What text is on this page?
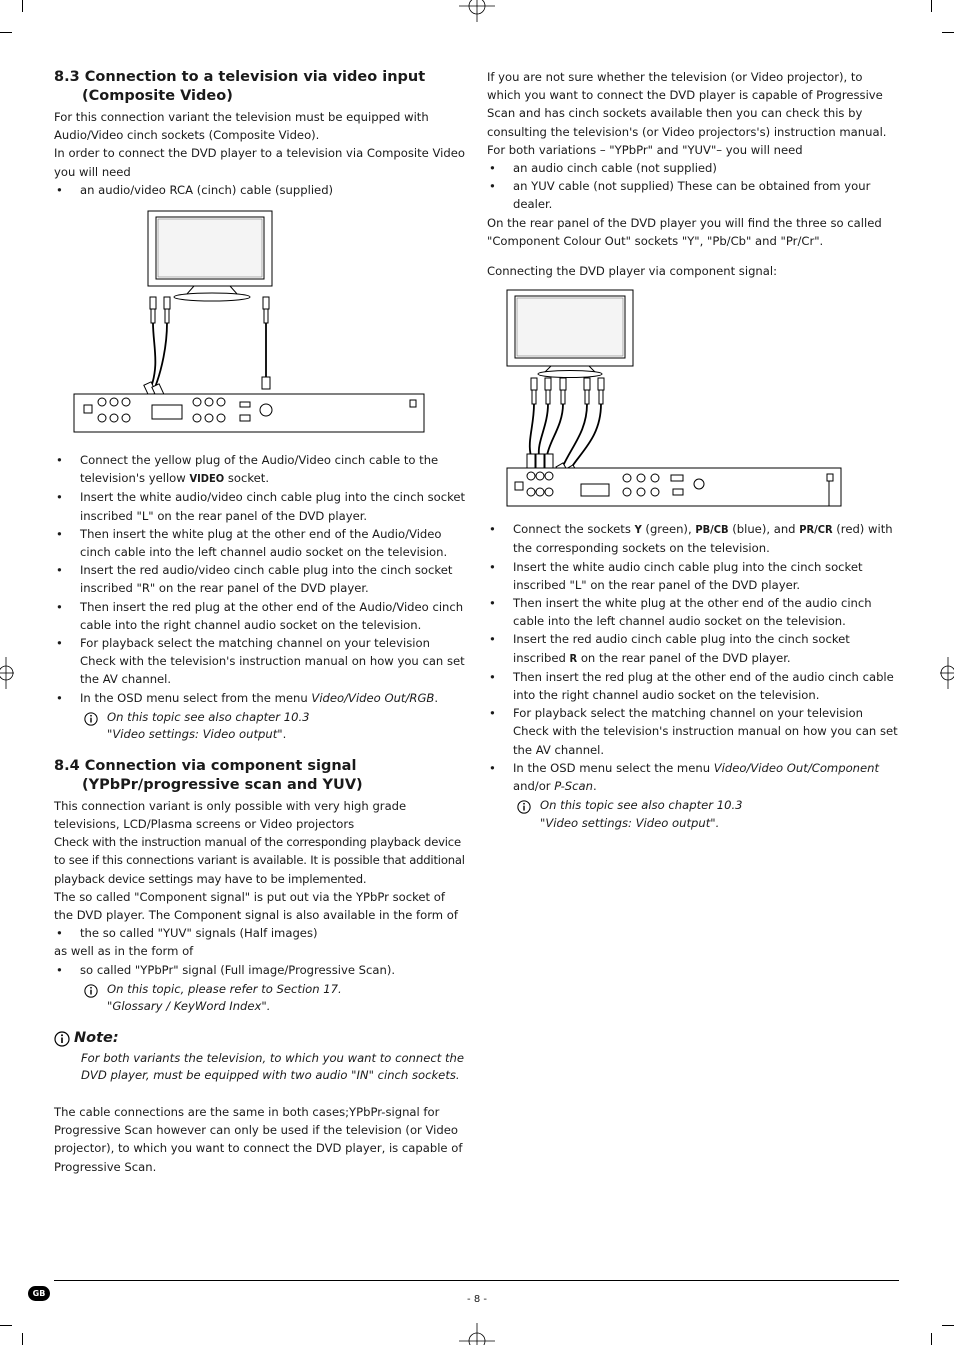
8.3 Connection to a television via video input
(Composite Video)

For this connection variant the television must be equipped with Audio/Video cinch sockets (Composite Video).

In order to connect the DVD player to a television via Composite Video you will need

• an audio/video RCA (cinch) cable (supplied)
• Connect the yellow plug of the Audio/Video cinch cable to the television's yellow VIDEO socket.
• Insert the white audio/video cinch cable plug into the cinch socket inscribed "L" on the rear panel of the DVD player.
• Then insert the white plug at the other end of the Audio/Video cinch cable into the left channel audio socket on the television.
• Insert the red audio/video cinch cable plug into the cinch socket inscribed "R" on the rear panel of the DVD player.
• Then insert the red plug at the other end of the Audio/Video cinch cable into the right channel audio socket on the television.
• For playback select the matching channel on your television Check with the television's instruction manual on how you can set the AV channel.
• In the OSD menu select from the menu Video/Video Out/RGB.
On this topic see also chapter 10.3
"Video settings: Video output".
8.4 Connection via component signal
(YPbPr/progressive scan and YUV)

This connection variant is only possible with very high grade televisions, LCD/Plasma screens or Video projectors

Check with the instruction manual of the corresponding playback device to see if this connections variant is available. It is possible that additional playback device settings may have to be implemented.

The so called "Component signal" is put out via the YPbPr socket of the DVD player. The Component signal is also available in the form of

• the so called "YUV" signals (Half images)

as well as in the form of

• so called "YPbPr" signal (Full image/Progressive Scan).
On this topic, please refer to Section 17.
"Glossary / KeyWord Index".
Note:
For both variants the television, to which you want to connect the DVD player, must be equipped with two audio "IN" cinch sockets.

The cable connections are the same in both cases;YPbPr-signal for Progressive Scan however can only be used if the television (or Video projector), to which you want to connect the DVD player, is capable of Progressive Scan.

If you are not sure whether the television (or Video projector), to which you want to connect the DVD player is capable of Progressive Scan and has cinch sockets available then you can check this by consulting the television's (or Video projectors's) instruction manual.

For both variations – "YPbPr" and "YUV"– you will need

• an audio cinch cable (not supplied)
• an YUV cable (not supplied) These can be obtained from your dealer.

On the rear panel of the DVD player you will find the three so called "Component Colour Out" sockets "Y", "Pb/Cb" and "Pr/Cr".

Connecting the DVD player via component signal:

• Connect the sockets Y (green), PB/CB (blue), and PR/CR (red) with the corresponding sockets on the television.
• Insert the white audio cinch cable plug into the cinch socket inscribed "L" on the rear panel of the DVD player.
• Then insert the white plug at the other end of the audio cinch cable into the left channel audio socket on the television.
• Insert the red audio cinch cable plug into the cinch socket inscribed R on the rear panel of the DVD player.
• Then insert the red plug at the other end of the audio cinch cable into the right channel audio socket on the television.
• For playback select the matching channel on your television Check with the television's instruction manual on how you can set the AV channel.
• In the OSD menu select the menu Video/Video Out/Component and/or P-Scan.
On this topic see also chapter 10.3
"Video settings: Video output".
GB
- 8 -
